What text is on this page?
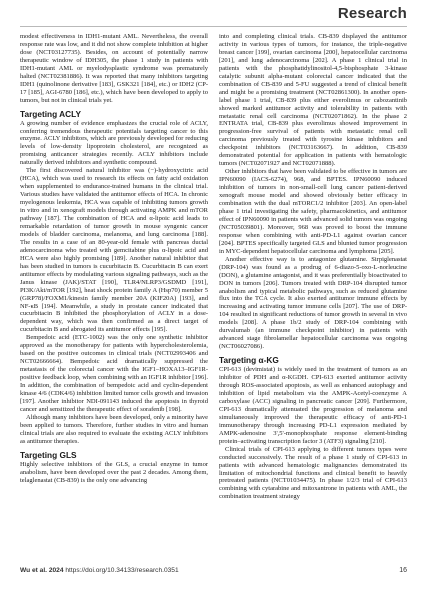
Research

modest effectiveness in IDH1-mutant AML. Nevertheless, the overall response rate was low, and it did not show complete inhibition at higher dose (NCT03127735). Besides, on account of potentially narrow therapeutic window of IDH305, the phase 1 study in patients with IDH1-mutant AML or myelodysplastic syndrome was prematurely halted (NCT02381886). It was reported that many inhibitors targeting IDH1 (quinolinone derivative [183], GSK321 [184], etc.) or IDH2 (CP-17 [185], AGI-6780 [186], etc.), which have been developed to apply to tumors, but not in clinical trials yet.

Targeting ACLY

A growing number of evidence emphasizes the crucial role of ACLY, conferring tremendous therapeutic potentials targeting cancer to this enzyme. ACLY inhibitors, which are previously developed for reducing levels of low-density lipoprotein cholesterol, are recognized as promising anticancer strategies recently. ACLY inhibitors include naturally derived inhibitors and synthetic compound.

The first discovered natural inhibitor was (−)-hydroxycitric acid (HCA), which was used to research its effects on fatty acid oxidation when supplemented to endurance-trained humans in the clinical trial. Various studies have validated the antitumor effects of HCA. In chronic myelogenous leukemia, HCA was capable of inhibiting tumors growth in vitro and in xenograft models through activating AMPK and mTOR pathway [187]. The combination of HCA and α-lipoic acid leads to remarkable retardation of tumor growth in mouse syngenic cancer models of bladder carcinoma, melanoma, and lung carcinoma [188]. The results in a case of an 80-year-old female with pancreas ductal adenocarcinoma who treated with gemcitabine plus α-lipoic acid and HCA were also highly promising [189]. Another natural inhibitor that has been studied in tumors is cucurbitacin B. Cucurbitacin B can exert antitumor effects by modulating various signaling pathways, such as the Janus kinase (JAK)/STAT [190], TLR4/NLRP3/GSDMD [191], PI3K/Akt/mTOR [192], heat shock protein family A (Hsp70) member 5 (GRP78)/FOXM1/kinesin family member 20A (KIF20A) [193], and NF-κB [194]. Meanwhile, a study in prostate cancer indicated that cucurbitacin B inhibited the phosphorylation of ACLY in a dose-dependent way, which was then confirmed as a direct target of cucurbitacin B and abrogated its antitumor effects [195].

Bempedoic acid (ETC-1002) was the only one synthetic inhibitor approved as the monotherapy for patients with hypercholesterolemia, based on the positive outcomes in clinical trials (NCT02993406 and NCT02666664). Bempedoic acid dramatically suppressed the metastasis of the colorectal cancer with the IGF1–HOXA13–IGF1R-positive feedback loop, when combining with an IGF1R inhibitor [196]. In addition, the combination of bempedoic acid and cyclin-dependent kinase 4/6 (CDK4/6) inhibition limited tumor cells growth and invasion [197]. Another inhibitor NDI-091143 induced the apoptosis in thyroid cancer and sensitized the therapeutic effect of sorafenib [198].

Although many inhibitors have been developed, only a minority have been applied to tumors. Therefore, further studies in vitro and human clinical trials are also required to evaluate the existing ACLY inhibitors as antitumor therapies.

Targeting GLS

Highly selective inhibitors of the GLS, a crucial enzyme in tumor anabolism, have been developed over the past 2 decades. Among them, telaglenastat (CB-839) is the only one advancing

into and completing clinical trials. CB-839 displayed the antitumor activity in various types of tumors, for instance, the triple-negative breast cancer [199], ovarian carcinoma [200], hepatocellular carcinoma [201], and lung adenocarcinoma [202]. A phase 1 clinical trial in patients with the phosphatidylinositol-4,5-bisphosphate 3-kinase catalytic subunit alpha-mutant colorectal cancer indicated that the combination of CB-839 and 5-FU suggested a trend of clinical benefit and might be a promising treatment (NCT02861300). In another open-label phase 1 trial, CB-839 plus either everolimus or cabozantinib showed marked antitumor activity and tolerability in patients with metastatic renal cell carcinoma (NCT02071862). In the phase 2 ENTRATA trial, CB-839 plus everolimus showed improvement in progression-free survival of patients with metastatic renal cell carcinoma previously treated with tyrosine kinase inhibitors and checkpoint inhibitors (NCT03163667). In addition, CB-839 demonstrated potential for application in patients with hematologic tumors (NCT02071927 and NCT02071888).

Other inhibitors that have been validated to be effective in tumors are IPN60090 (IACS-6274), 968, and BPTES. IPN60090 induced inhibition of tumors in non-small-cell lung cancer patient-derived xenograft mouse model and showed obviously better efficacy in combination with the dual mTORC1/2 inhibitor [203]. An open-label phase 1 trial investigating the safety, pharmacokinetics, and antitumor effect of IPN60090 in patients with advanced solid tumors was ongoing (NCT05039801). Moreover, 968 was proved to boost the immune response when combining with anti-PD-L1 against ovarian cancer [204]. BPTES specifically targeted GLS and blunted tumor progression in MYC-dependent hepatocellular carcinoma and lymphoma [205].

Another effective way is to antagonize glutamine. Sirpiglenastat (DRP-104) was found as a prodrug of 6-diazo-5-oxo-L-norleucine (DON), a glutamine antagonist, and it was preferentially bioactivated to DON in tumors [206]. Tumors treated with DRP-104 disrupted tumor anabolism and typical metabolic pathways, such as reduced glutamine flux into the TCA cycle. It also exerted antitumor immune effects by increasing and activating tumor immune cells [207]. The use of DRP-104 resulted in significant reductions of tumor growth in several in vivo models [208]. A phase 1b/2 study of DRP-104 combining with durvalumab (an immune checkpoint inhibitor) in patients with advanced stage fibrolamellar hepatocellular carcinoma was ongoing (NCT06027086).

Targeting α-KG

CPI-613 (devimistat) is widely used in the treatment of tumors as an inhibitor of PDH and α-KGDH. CPI-613 exerted antitumor activity through ROS-associated apoptosis, as well as enhanced autophagy and inhibition of lipid metabolism via the AMPK-Acetyl-coenzyme A carboxylase (ACC) signaling in pancreatic cancer [209]. Furthermore, CPI-613 dramatically attenuated the progression of melanoma and simultaneously improved the therapeutic efficacy of anti-PD-1 immunotherapy through increasing PD-L1 expression mediated by AMPK-adenosine 3',5'-monophosphate response element-binding protein–activating transcription factor 3 (ATF3) signaling [210].

Clinical trials of CPI-613 applying to different tumors types were conducted successively. The result of a phase 1 study of CPI-613 in patients with advanced hematologic malignancies demonstrated its limitation of mitochondrial functions and clinical benefit to heavily pretreated patients (NCT01034475). In phase 1/2/3 trial of CPI-613 combining with cytarabine and mitoxantrone in patients with AML, the combination treatment strategy

Wu et al. 2024 https://doi.org/10.34133/research.0351	16
